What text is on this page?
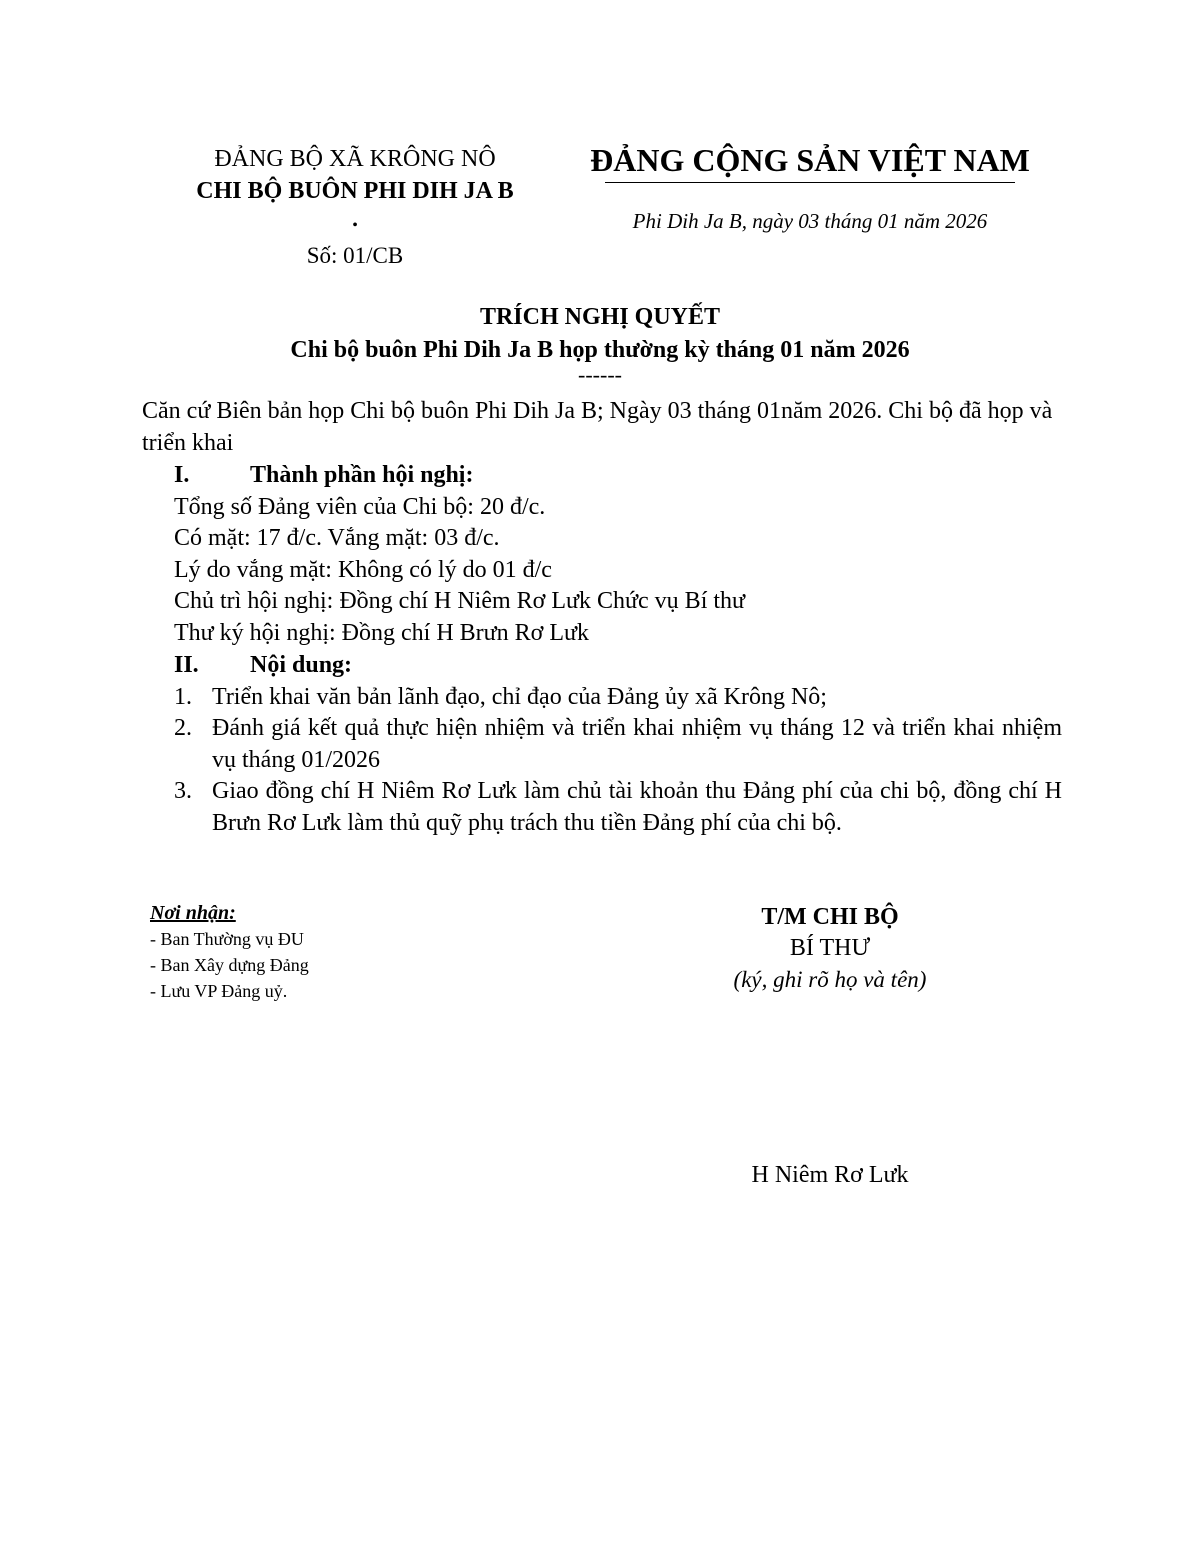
ĐẢNG BỘ XÃ KRÔNG NÔ
CHI BỘ BUÔN PHI DIH JA B
•
Số: 01/CB
ĐẢNG CỘNG SẢN VIỆT NAM
Phi Dih Ja B, ngày 03 tháng 01 năm 2026
TRÍCH NGHỊ QUYẾT
Chi bộ buôn Phi Dih Ja B họp thường kỳ tháng 01 năm 2026
------

Căn cứ Biên bản họp Chi bộ buôn Phi Dih Ja B; Ngày 03 tháng 01năm 2026. Chi bộ đã họp và triển khai

I.	Thành phần hội nghị:
Tổng số Đảng viên của Chi bộ: 20 đ/c.
Có mặt: 17 đ/c. Vắng mặt: 03 đ/c.
Lý do vắng mặt: Không có lý do 01 đ/c
Chủ trì hội nghị: Đồng chí H Niêm Rơ Lưk Chức vụ Bí thư
Thư ký hội nghị: Đồng chí H Brưn Rơ Lưk
II.	Nội dung:
1. Triển khai văn bản lãnh đạo, chỉ đạo của Đảng ủy xã Krông Nô;
2. Đánh giá kết quả thực hiện nhiệm và triển khai nhiệm vụ tháng 12 và triển khai nhiệm vụ tháng 01/2026
3. Giao đồng chí H Niêm Rơ Lưk làm chủ tài khoản thu Đảng phí của chi bộ, đồng chí H Brưn Rơ Lưk làm thủ quỹ phụ trách thu tiền Đảng phí của chi bộ.
Nơi nhận:
- Ban Thường vụ ĐU
- Ban Xây dựng Đảng
- Lưu VP Đảng uỷ.
T/M CHI BỘ
BÍ THƯ
(ký, ghi rõ họ và tên)
H Niêm Rơ Lưk
